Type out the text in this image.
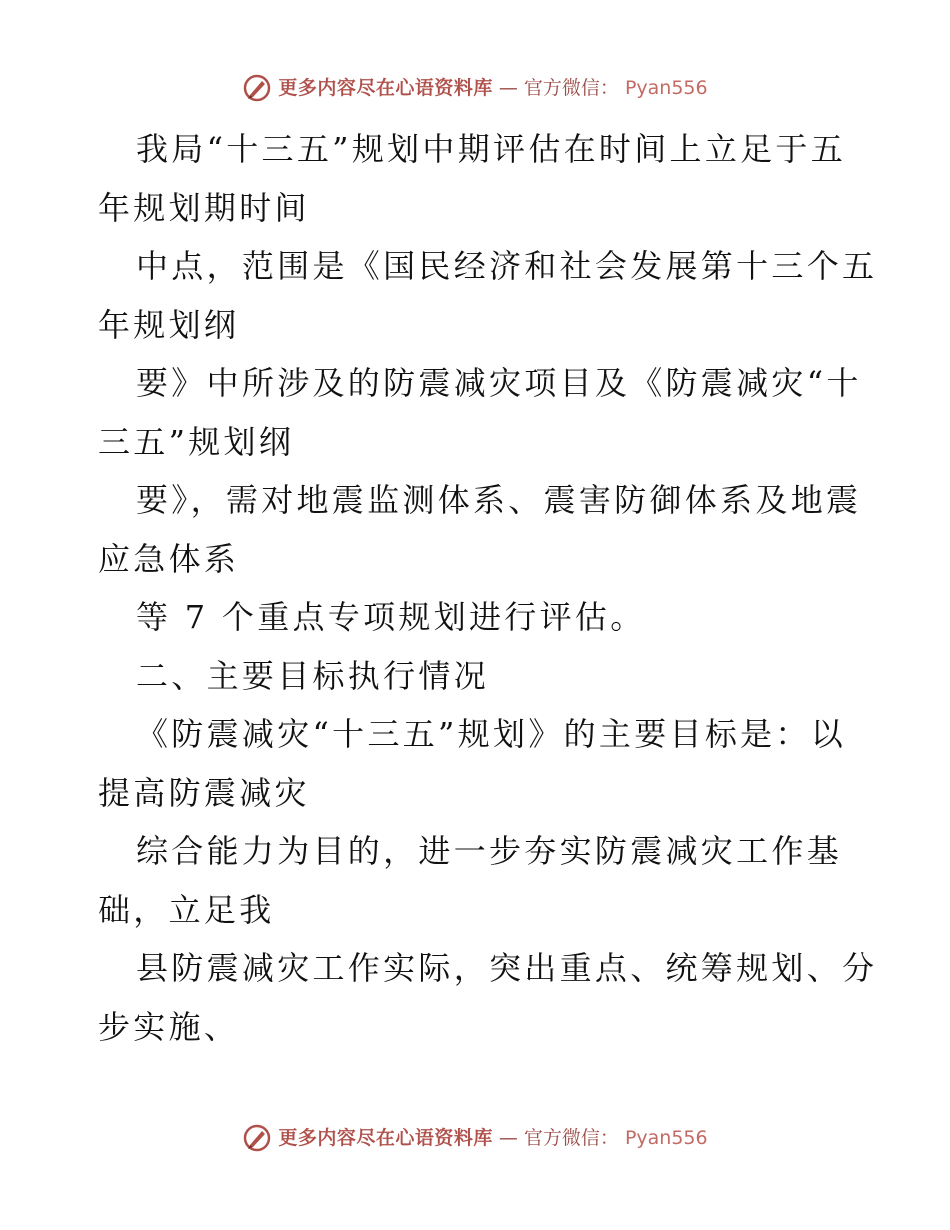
更多内容尽在心语资料库 — 官方微信： Pyan556
我局“十三五”规划中期评估在时间上立足于五
年规划期时间
中点，范围是《国民经济和社会发展第十三个五
年规划纲
要》中所涉及的防震减灾项目及《防震减灾“十
三五”规划纲
要》，需对地震监测体系、震害防御体系及地震
应急体系
等 7 个重点专项规划进行评估。
二、主要目标执行情况
《防震减灾“十三五”规划》的主要目标是：以
提高防震减灾
综合能力为目的，进一步夯实防震减灾工作基
础，立足我
县防震减灾工作实际，突出重点、统筹规划、分
步实施、
更多内容尽在心语资料库 — 官方微信： Pyan556
